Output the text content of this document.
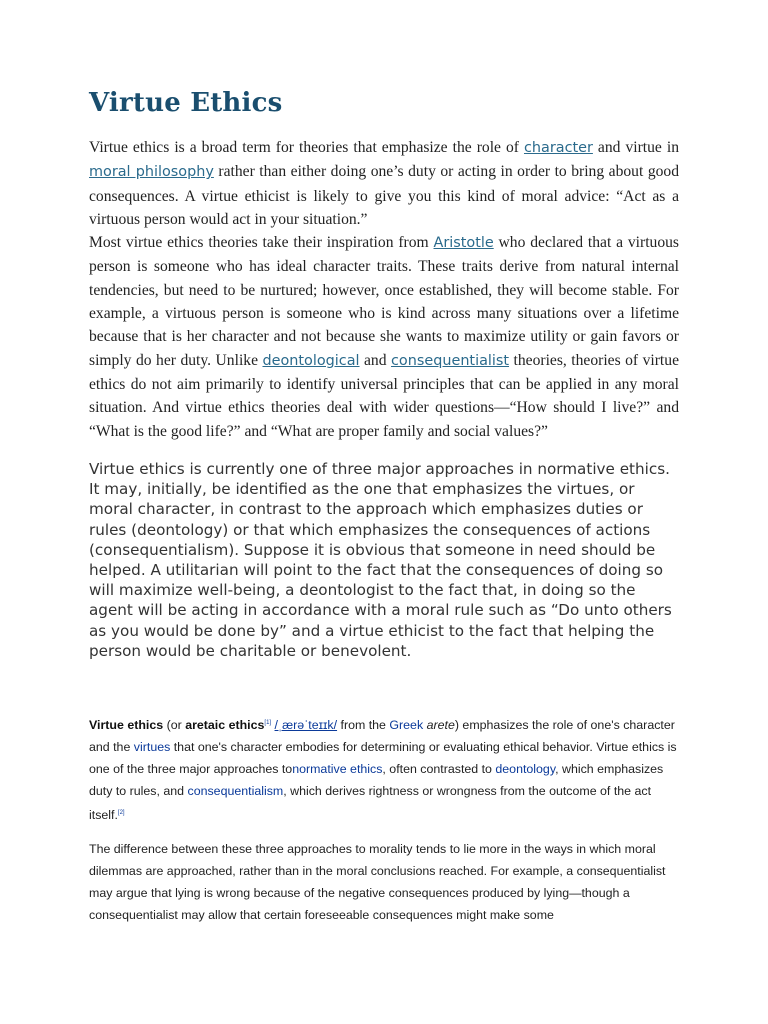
Virtue Ethics

Virtue ethics is a broad term for theories that emphasize the role of character and virtue in moral philosophy rather than either doing one’s duty or acting in order to bring about good consequences. A virtue ethicist is likely to give you this kind of moral advice: “Act as a virtuous person would act in your situation.”

Most virtue ethics theories take their inspiration from Aristotle who declared that a virtuous person is someone who has ideal character traits. These traits derive from natural internal tendencies, but need to be nurtured; however, once established, they will become stable. For example, a virtuous person is someone who is kind across many situations over a lifetime because that is her character and not because she wants to maximize utility or gain favors or simply do her duty. Unlike deontological and consequentialist theories, theories of virtue ethics do not aim primarily to identify universal principles that can be applied in any moral situation. And virtue ethics theories deal with wider questions—“How should I live?” and “What is the good life?” and “What are proper family and social values?”

Virtue ethics is currently one of three major approaches in normative ethics. It may, initially, be identified as the one that emphasizes the virtues, or moral character, in contrast to the approach which emphasizes duties or rules (deontology) or that which emphasizes the consequences of actions (consequentialism). Suppose it is obvious that someone in need should be helped. A utilitarian will point to the fact that the consequences of doing so will maximize well-being, a deontologist to the fact that, in doing so the agent will be acting in accordance with a moral rule such as “Do unto others as you would be done by” and a virtue ethicist to the fact that helping the person would be charitable or benevolent.

Virtue ethics (or aretaic ethics[1] /ˌærəˈteɪɪk/ from the Greek arete) emphasizes the role of one's character and the virtues that one's character embodies for determining or evaluating ethical behavior. Virtue ethics is one of the three major approaches tonormative ethics, often contrasted to deontology, which emphasizes duty to rules, and consequentialism, which derives rightness or wrongness from the outcome of the act itself.[2]

The difference between these three approaches to morality tends to lie more in the ways in which moral dilemmas are approached, rather than in the moral conclusions reached. For example, a consequentialist may argue that lying is wrong because of the negative consequences produced by lying—though a consequentialist may allow that certain foreseeable consequences might make some
